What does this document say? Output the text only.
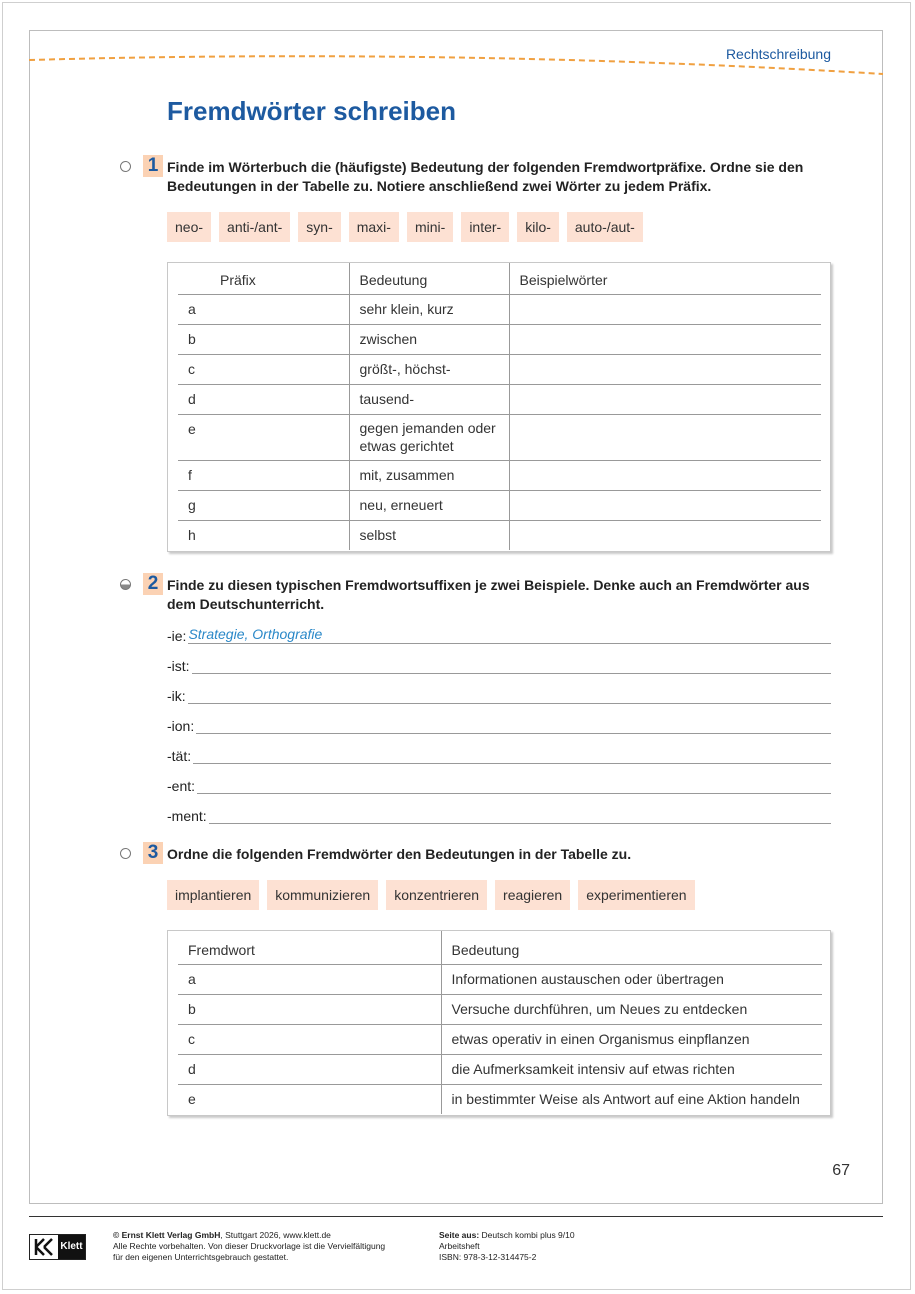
Rechtschreibung
Fremdwörter schreiben
1 Finde im Wörterbuch die (häufigste) Bedeutung der folgenden Fremdwortpräfixe. Ordne sie den
Bedeutungen in der Tabelle zu. Notiere anschließend zwei Wörter zu jedem Präfix.

neo-	anti-/ant-	syn-	maxi-	mini-	inter-	kilo-	auto-/aut-
Präfix	Bedeutung	Beispielwörter
a	sehr klein, kurz	
b	zwischen	
c	größt-, höchst-	
d	tausend-	
e	gegen jemanden oder
etwas gerichtet	
f	mit, zusammen	
g	neu, erneuert	
h	selbst	
2 Finde zu diesen typischen Fremdwortsuffixen je zwei Beispiele. Denke auch an Fremdwörter aus
dem Deutschunterricht.

-ie: Strategie, Orthografie
-ist:
-ik:
-ion:
-tät:
-ent:
-ment:
3 Ordne die folgenden Fremdwörter den Bedeutungen in der Tabelle zu.

implantieren	kommunizieren	konzentrieren	reagieren	experimentieren
Fremdwort	Bedeutung
a	Informationen austauschen oder übertragen
b	Versuche durchführen, um Neues zu entdecken
c	etwas operativ in einen Organismus einpflanzen
d	die Aufmerksamkeit intensiv auf etwas richten
e	in bestimmter Weise als Antwort auf eine Aktion handeln
67
Klett

© Ernst Klett Verlag GmbH, Stuttgart 2026, www.klett.de
Alle Rechte vorbehalten. Von dieser Druckvorlage ist die Vervielfältigung
für den eigenen Unterrichtsgebrauch gestattet.

Seite aus: Deutsch kombi plus 9/10
Arbeitsheft
ISBN: 978-3-12-314475-2
